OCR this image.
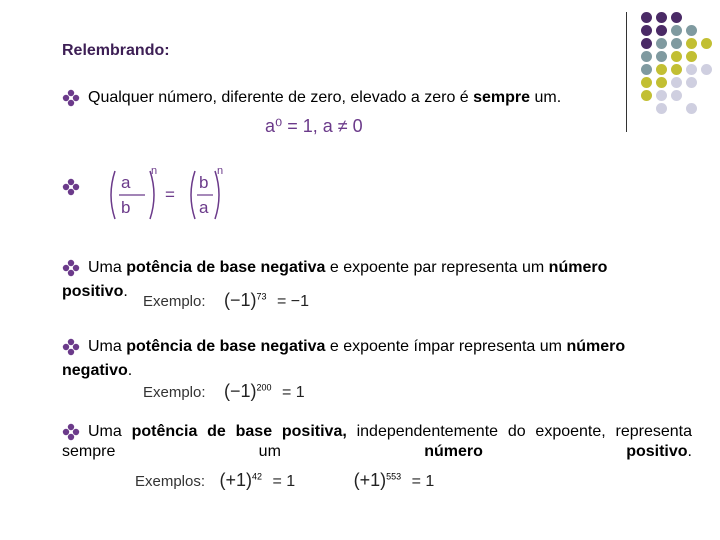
Relembrando:
Qualquer número, diferente de zero, elevado a zero é sempre um.
a⁰ = 1, a ≠ 0
a
b
n
=
b
a
n
Uma potência de base negativa e expoente par representa um número
positivo.
Exemplo: $(-1)^{73} = -1$
Uma potência de base negativa e expoente ímpar representa um número
negativo.
Exemplo: $(-1)^{200} = 1$
Uma potência de base positiva, independentemente do expoente, representa sempre um número positivo.
Exemplos: $(+1)^{42} = 1$	$(+1)^{553} = 1$
